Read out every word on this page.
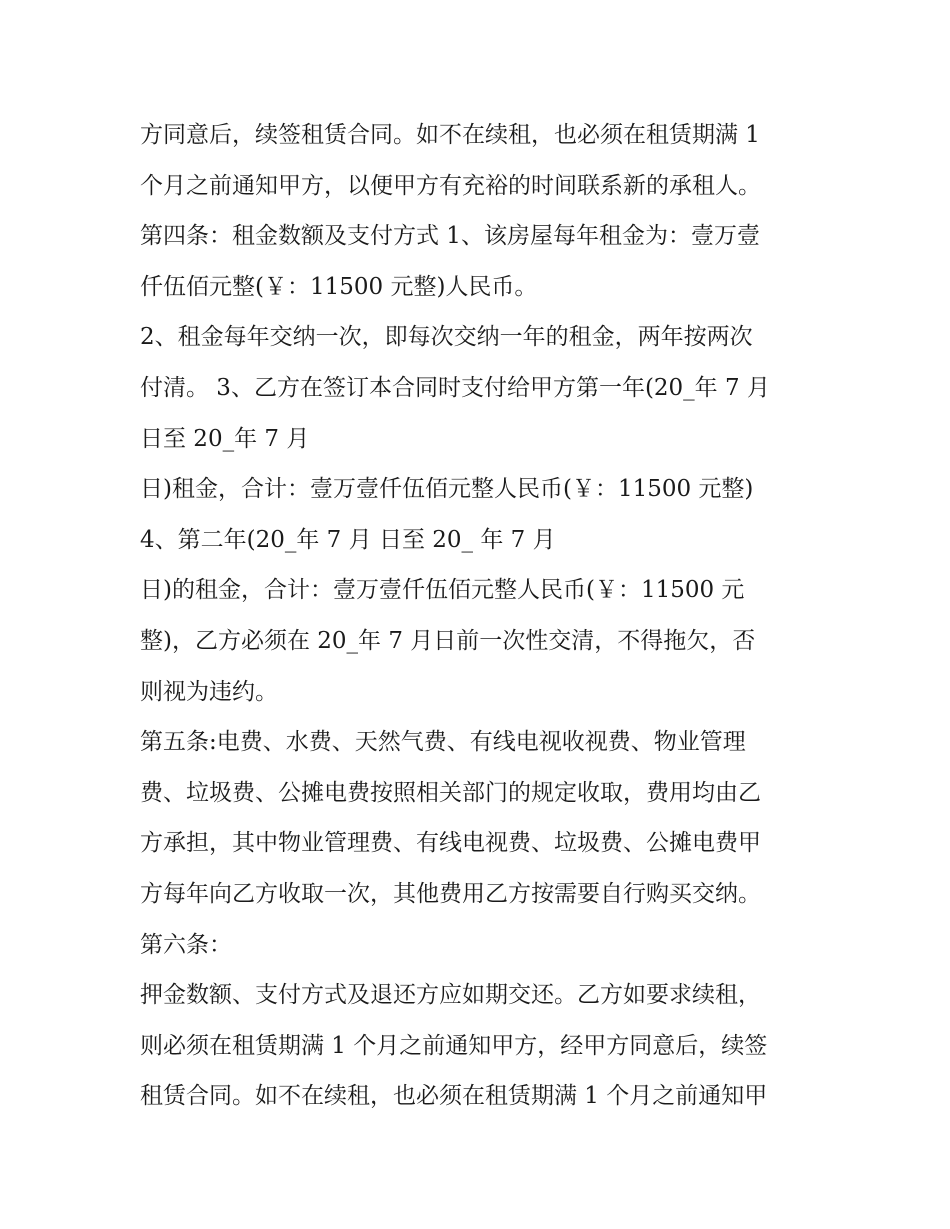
方同意后，续签租赁合同。如不在续租，也必须在租赁期满 1
个月之前通知甲方，以便甲方有充裕的时间联系新的承租人。
第四条：租金数额及支付方式 1、该房屋每年租金为：壹万壹
仟伍佰元整(￥：11500 元整)人民币。
2、租金每年交纳一次，即每次交纳一年的租金，两年按两次
付清。 3、乙方在签订本合同时支付给甲方第一年(20_年 7 月
日至 20_年 7 月
日)租金，合计：壹万壹仟伍佰元整人民币(￥：11500 元整)
4、第二年(20_年 7 月 日至 20_ 年 7 月
日)的租金，合计：壹万壹仟伍佰元整人民币(￥：11500 元
整)，乙方必须在 20_年 7 月日前一次性交清，不得拖欠，否
则视为违约。
第五条:电费、水费、天然气费、有线电视收视费、物业管理
费、垃圾费、公摊电费按照相关部门的规定收取，费用均由乙
方承担，其中物业管理费、有线电视费、垃圾费、公摊电费甲
方每年向乙方收取一次，其他费用乙方按需要自行购买交纳。
第六条：
押金数额、支付方式及退还方应如期交还。乙方如要求续租，
则必须在租赁期满 1 个月之前通知甲方，经甲方同意后，续签
租赁合同。如不在续租，也必须在租赁期满 1 个月之前通知甲
